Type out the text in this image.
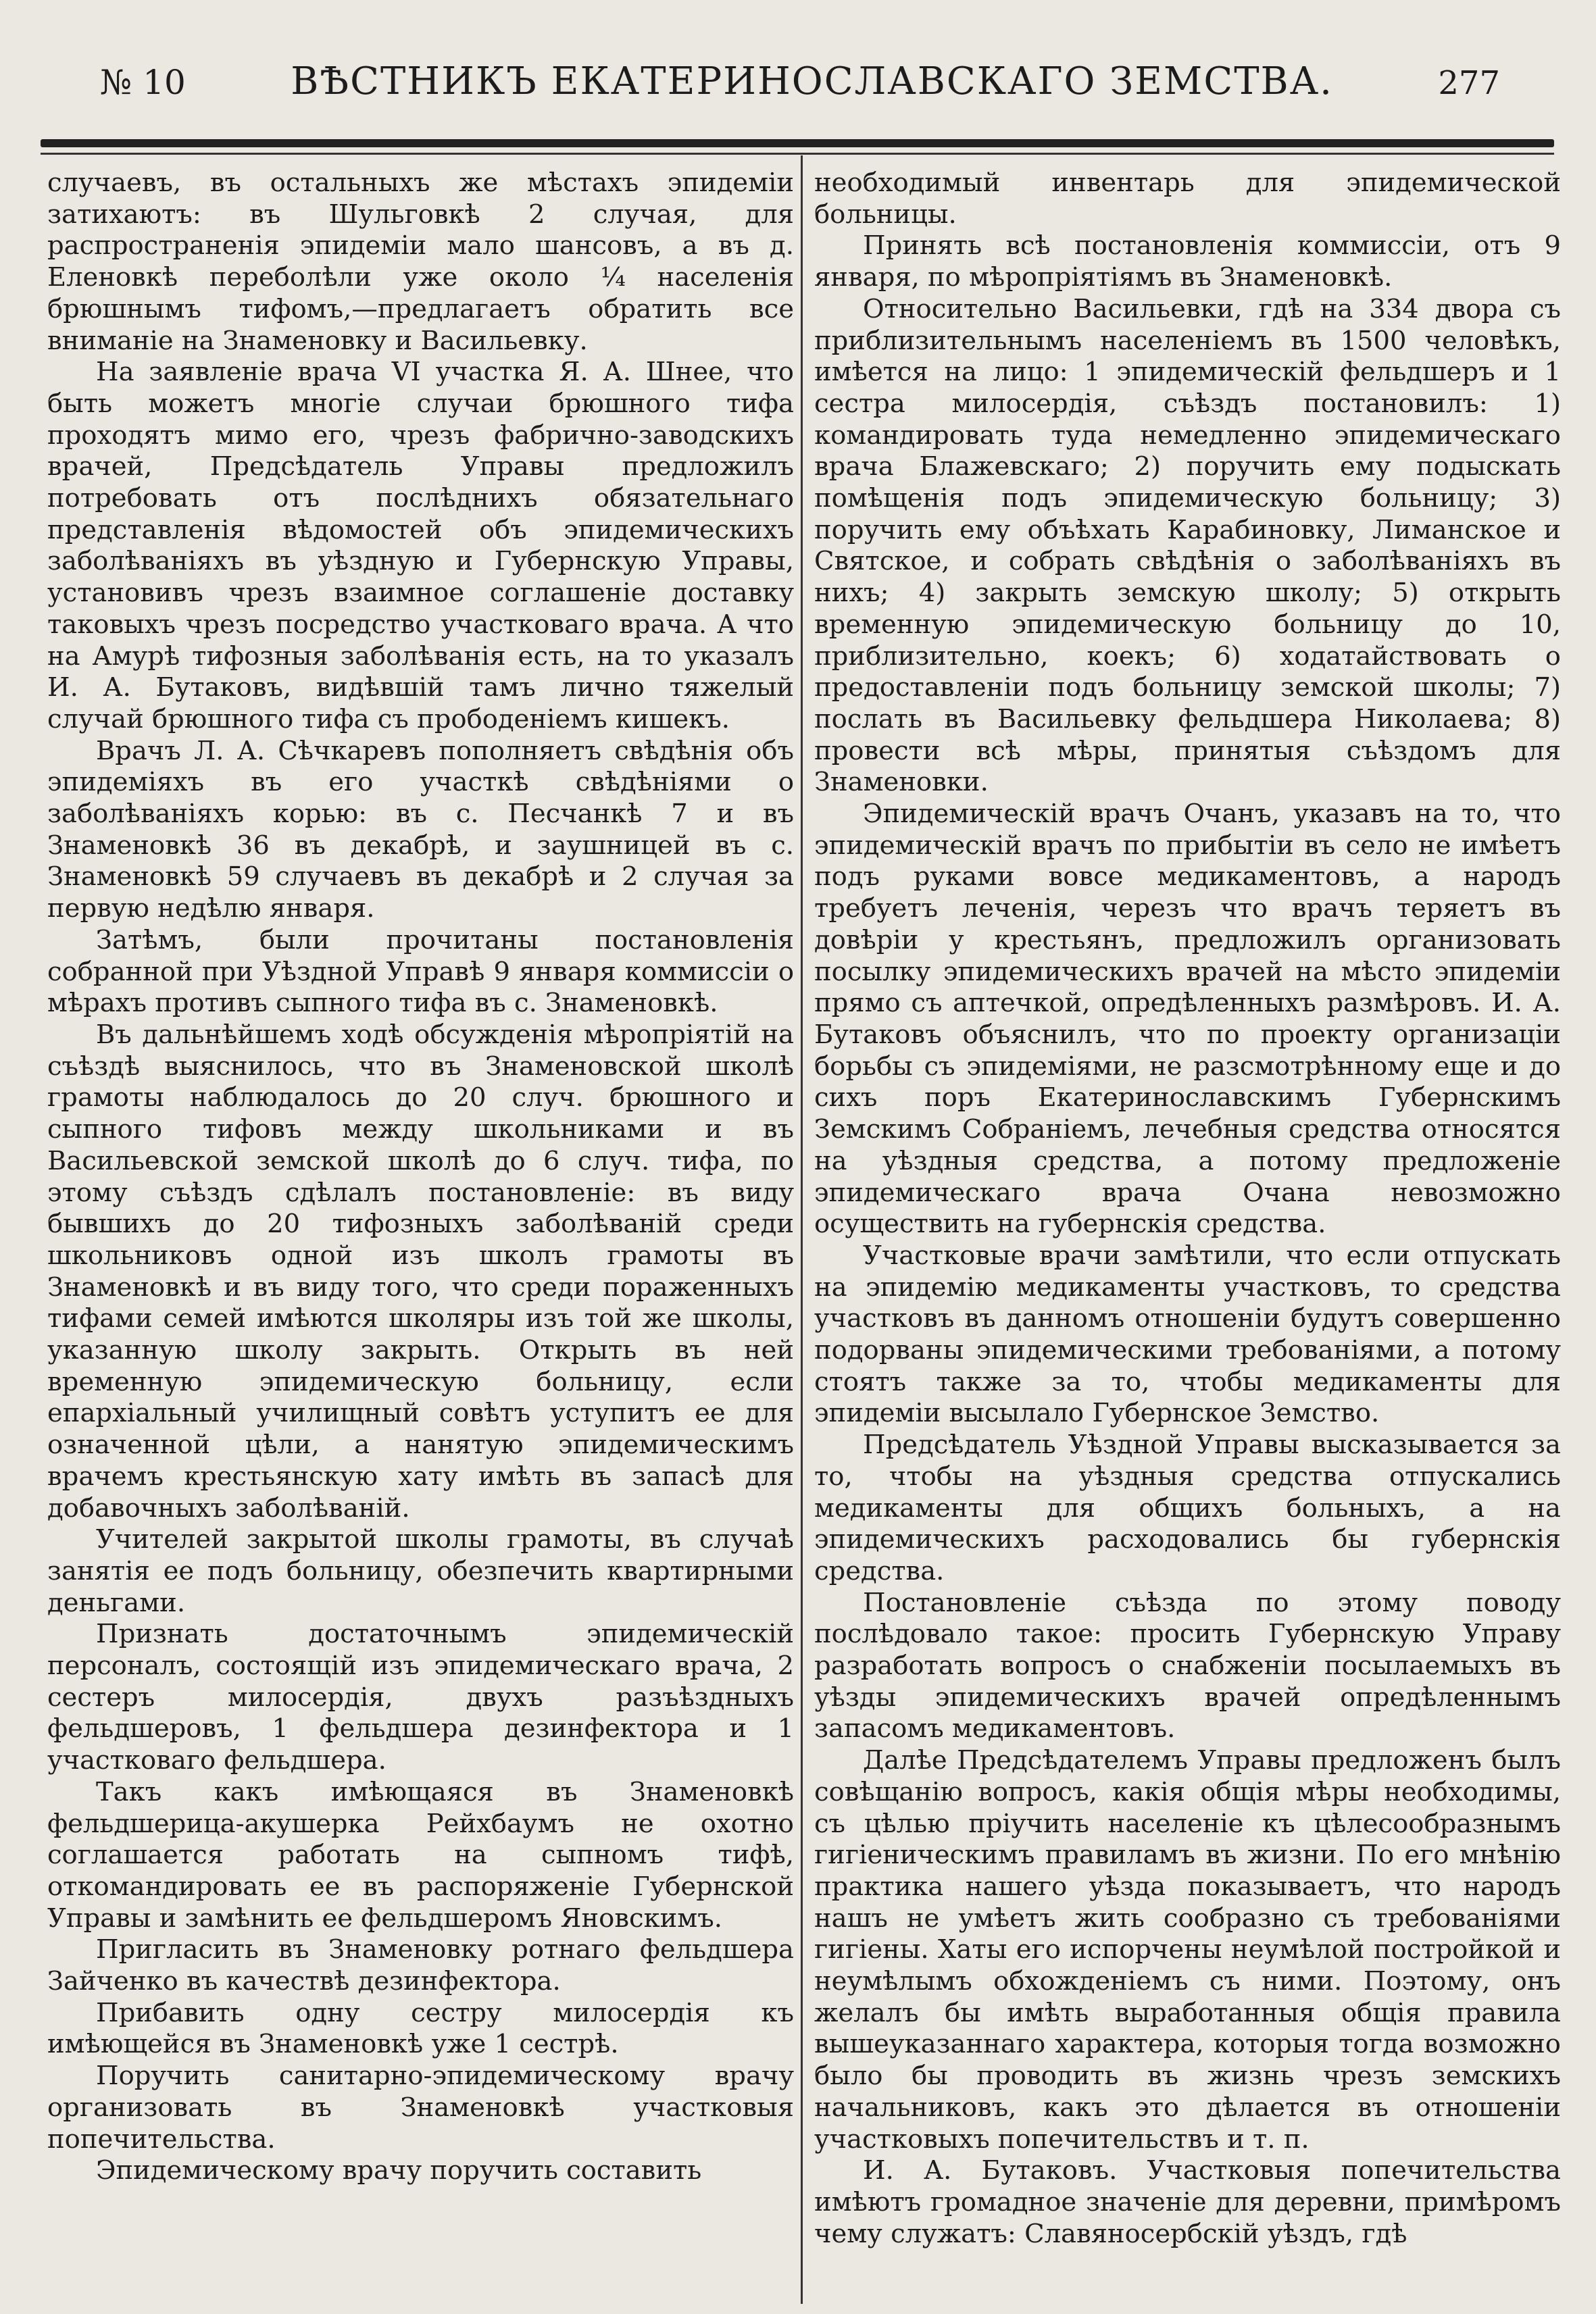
№ 10	ВѢСТНИКЪ ЕКАТЕРИНОСЛАВСКАГО ЗЕМСТВА.	277

случаевъ, въ остальныхъ же мѣстахъ эпидеміи затихаютъ: въ Шульговкѣ 2 случая, для распространенія эпидеміи мало шансовъ, а въ д. Еленовкѣ переболѣли уже около ¼ населенія брюшнымъ тифомъ,—предлагаетъ обратить все вниманіе на Знаменовку и Васильевку.

На заявленіе врача VI участка Я. А. Шнее, что быть можетъ многіе случаи брюшного тифа проходятъ мимо его, чрезъ фабрично-заводскихъ врачей, Предсѣдатель Управы предложилъ потребовать отъ послѣднихъ обязательнаго представленія вѣдомостей объ эпидемическихъ заболѣваніяхъ въ уѣздную и Губернскую Управы, установивъ чрезъ взаимное соглашеніе доставку таковыхъ чрезъ посредство участковаго врача. А что на Амурѣ тифозныя заболѣванія есть, на то указалъ И. А. Бутаковъ, видѣвшій тамъ лично тяжелый случай брюшного тифа съ прободеніемъ кишекъ.

Врачъ Л. А. Сѣчкаревъ пополняетъ свѣдѣнія объ эпидеміяхъ въ его участкѣ свѣдѣніями о заболѣваніяхъ корью: въ с. Песчанкѣ 7 и въ Знаменовкѣ 36 въ декабрѣ, и заушницей въ с. Знаменовкѣ 59 случаевъ въ декабрѣ и 2 случая за первую недѣлю января.

Затѣмъ, были прочитаны постановленія собранной при Уѣздной Управѣ 9 января коммиссіи о мѣрахъ противъ сыпного тифа въ с. Знаменовкѣ.

Въ дальнѣйшемъ ходѣ обсужденія мѣропріятій на съѣздѣ выяснилось, что въ Знаменовской школѣ грамоты наблюдалось до 20 случ. брюшного и сыпного тифовъ между школьниками и въ Васильевской земской школѣ до 6 случ. тифа, по этому съѣздъ сдѣлалъ постановленіе: въ виду бывшихъ до 20 тифозныхъ заболѣваній среди школьниковъ одной изъ школъ грамоты въ Знаменовкѣ и въ виду того, что среди пораженныхъ тифами семей имѣются школяры изъ той же школы, указанную школу закрыть. Открыть въ ней временную эпидемическую больницу, если епархіальный училищный совѣтъ уступитъ ее для означенной цѣли, а нанятую эпидемическимъ врачемъ крестьянскую хату имѣть въ запасѣ для добавочныхъ заболѣваній.

Учителей закрытой школы грамоты, въ случаѣ занятія ее подъ больницу, обезпечить квартирными деньгами.

Признать достаточнымъ эпидемическій персоналъ, состоящій изъ эпидемическаго врача, 2 сестеръ милосердія, двухъ разъѣздныхъ фельдшеровъ, 1 фельдшера дезинфектора и 1 участковаго фельдшера.

Такъ какъ имѣющаяся въ Знаменовкѣ фельдшерица-акушерка Рейхбаумъ не охотно соглашается работать на сыпномъ тифѣ, откомандировать ее въ распоряженіе Губернской Управы и замѣнить ее фельдшеромъ Яновскимъ.

Пригласить въ Знаменовку ротнаго фельдшера Зайченко въ качествѣ дезинфектора.

Прибавить одну сестру милосердія къ имѣющейся въ Знаменовкѣ уже 1 сестрѣ.

Поручить санитарно-эпидемическому врачу организовать въ Знаменовкѣ участковыя попечительства.

Эпидемическому врачу поручить составить

необходимый инвентарь для эпидемической больницы.

Принять всѣ постановленія коммиссіи, отъ 9 января, по мѣропріятіямъ въ Знаменовкѣ.

Относительно Васильевки, гдѣ на 334 двора съ приблизительнымъ населеніемъ въ 1500 человѣкъ, имѣется на лицо: 1 эпидемическій фельдшеръ и 1 сестра милосердія, съѣздъ постановилъ: 1) командировать туда немедленно эпидемическаго врача Блажевскаго; 2) поручить ему подыскать помѣщенія подъ эпидемическую больницу; 3) поручить ему объѣхать Карабиновку, Лиманское и Святское, и собрать свѣдѣнія о заболѣваніяхъ въ нихъ; 4) закрыть земскую школу; 5) открыть временную эпидемическую больницу до 10, приблизительно, коекъ; 6) ходатайствовать о предоставленіи подъ больницу земской школы; 7) послать въ Васильевку фельдшера Николаева; 8) провести всѣ мѣры, принятыя съѣздомъ для Знаменовки.

Эпидемическій врачъ Очанъ, указавъ на то, что эпидемическій врачъ по прибытіи въ село не имѣетъ подъ руками вовсе медикаментовъ, а народъ требуетъ леченія, черезъ что врачъ теряетъ въ довѣріи у крестьянъ, предложилъ организовать посылку эпидемическихъ врачей на мѣсто эпидеміи прямо съ аптечкой, опредѣленныхъ размѣровъ. И. А. Бутаковъ объяснилъ, что по проекту организаціи борьбы съ эпидеміями, не разсмотрѣнному еще и до сихъ поръ Екатеринославскимъ Губернскимъ Земскимъ Собраніемъ, лечебныя средства относятся на уѣздныя средства, а потому предложеніе эпидемическаго врача Очана невозможно осуществить на губернскія средства.

Участковые врачи замѣтили, что если отпускать на эпидемію медикаменты участковъ, то средства участковъ въ данномъ отношеніи будутъ совершенно подорваны эпидемическими требованіями, а потому стоятъ также за то, чтобы медикаменты для эпидеміи высылало Губернское Земство.

Предсѣдатель Уѣздной Управы высказывается за то, чтобы на уѣздныя средства отпускались медикаменты для общихъ больныхъ, а на эпидемическихъ расходовались бы губернскія средства.

Постановленіе съѣзда по этому поводу послѣдовало такое: просить Губернскую Управу разработать вопросъ о снабженіи посылаемыхъ въ уѣзды эпидемическихъ врачей опредѣленнымъ запасомъ медикаментовъ.

Далѣе Предсѣдателемъ Управы предложенъ былъ совѣщанію вопросъ, какія общія мѣры необходимы, съ цѣлью пріучить населеніе къ цѣлесообразнымъ гигіеническимъ правиламъ въ жизни. По его мнѣнію практика нашего уѣзда показываетъ, что народъ нашъ не умѣетъ жить сообразно съ требованіями гигіены. Хаты его испорчены неумѣлой постройкой и неумѣлымъ обхожденіемъ съ ними. Поэтому, онъ желалъ бы имѣть выработанныя общія правила вышеуказаннаго характера, которыя тогда возможно было бы проводить въ жизнь чрезъ земскихъ начальниковъ, какъ это дѣлается въ отношеніи участковыхъ попечительствъ и т. п.

И. А. Бутаковъ. Участковыя попечительства имѣютъ громадное значеніе для деревни, примѣромъ чему служатъ: Славяносербскій уѣздъ, гдѣ
